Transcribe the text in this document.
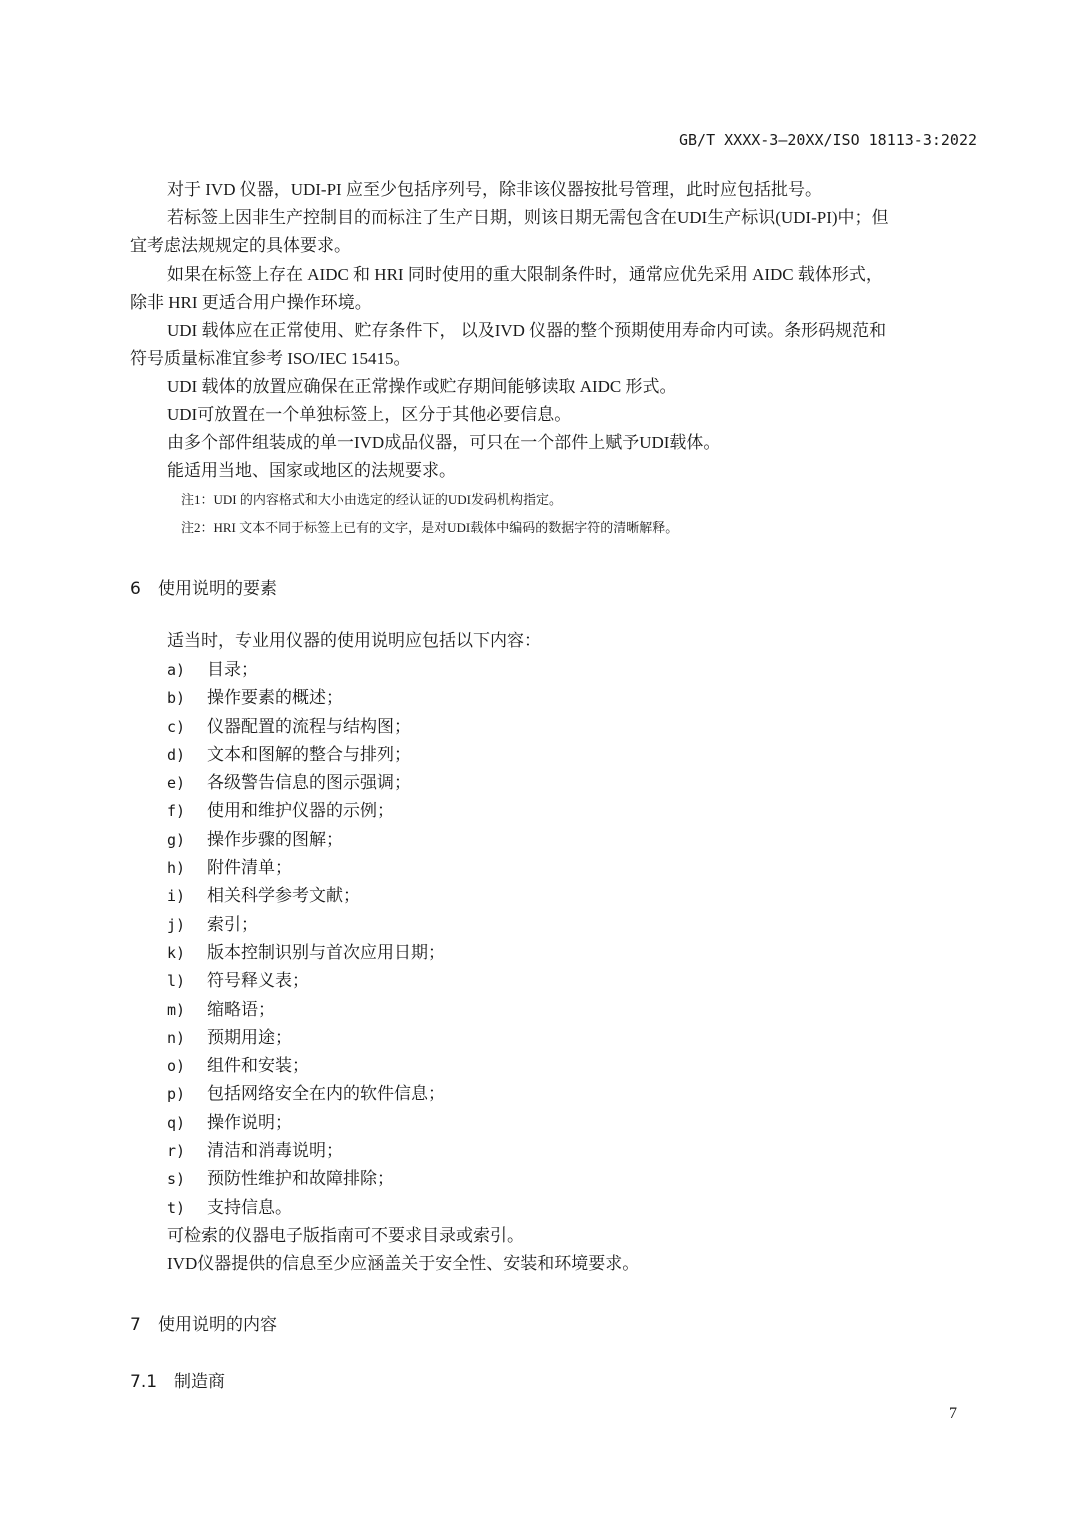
GB/T XXXX-3—20XX/ISO 18113-3:2022
对于 IVD 仪器，UDI-PI 应至少包括序列号，除非该仪器按批号管理，此时应包括批号。
若标签上因非生产控制目的而标注了生产日期，则该日期无需包含在UDI生产标识(UDI-PI)中；但
宜考虑法规规定的具体要求。
如果在标签上存在 AIDC 和 HRI 同时使用的重大限制条件时，通常应优先采用 AIDC 载体形式，
除非 HRI 更适合用户操作环境。
UDI 载体应在正常使用、贮存条件下， 以及IVD 仪器的整个预期使用寿命内可读。条形码规范和
符号质量标准宜参考 ISO/IEC 15415。
UDI 载体的放置应确保在正常操作或贮存期间能够读取 AIDC 形式。
UDI可放置在一个单独标签上，区分于其他必要信息。
由多个部件组装成的单一IVD成品仪器，可只在一个部件上赋予UDI载体。
能适用当地、国家或地区的法规要求。
注1：UDI 的内容格式和大小由选定的经认证的UDI发码机构指定。
注2：HRI 文本不同于标签上已有的文字，是对UDI载体中编码的数据字符的清晰解释。
6 使用说明的要素
适当时，专业用仪器的使用说明应包括以下内容：
a) 目录；
b) 操作要素的概述；
c) 仪器配置的流程与结构图；
d) 文本和图解的整合与排列；
e) 各级警告信息的图示强调；
f) 使用和维护仪器的示例；
g) 操作步骤的图解；
h) 附件清单；
i) 相关科学参考文献；
j) 索引；
k) 版本控制识别与首次应用日期；
l) 符号释义表；
m) 缩略语；
n) 预期用途；
o) 组件和安装；
p) 包括网络安全在内的软件信息；
q) 操作说明；
r) 清洁和消毒说明；
s) 预防性维护和故障排除；
t) 支持信息。
可检索的仪器电子版指南可不要求目录或索引。
IVD仪器提供的信息至少应涵盖关于安全性、安装和环境要求。
7 使用说明的内容
7.1 制造商
7
